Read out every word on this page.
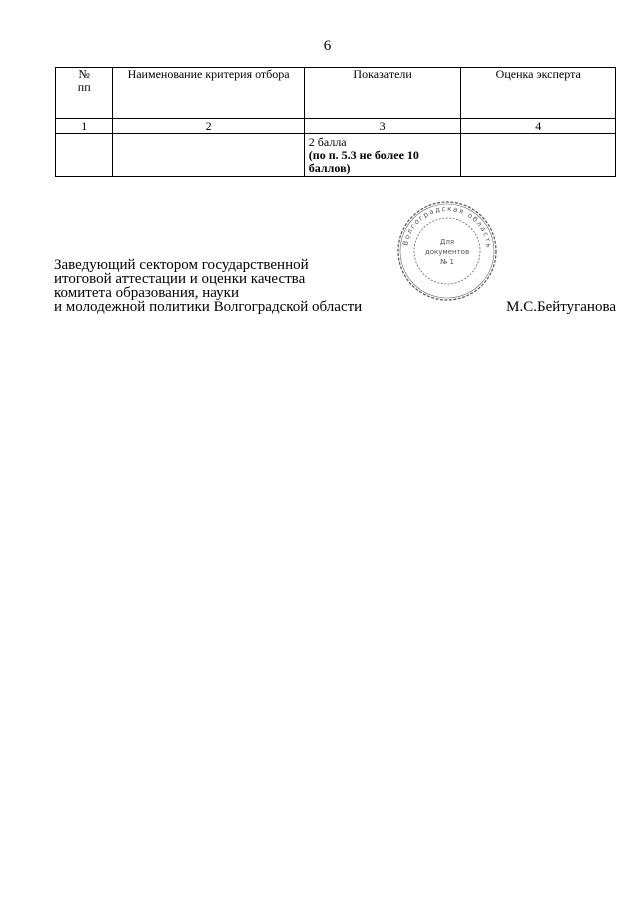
6
№
пп	Наименование критерия отбора	Показатели	Оценка эксперта
1	2	3	4
		2 балла
(по п. 5.3 не более 10
баллов)	
Волгоградская область
Для
документов
№ 1
Заведующий сектором государственной
итоговой аттестации и оценки качества
комитета образования, науки
и молодежной политики Волгоградской области	М.С.Бейтуганова
